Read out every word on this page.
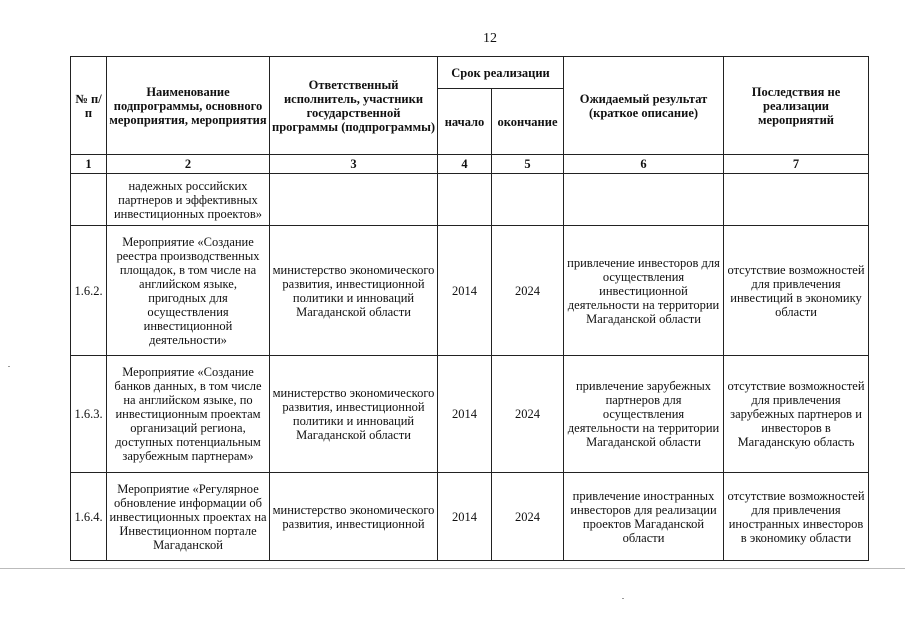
12
№ п/п	Наименование подпрограммы, основного мероприятия, мероприятия	Ответственный исполнитель, участники государственной программы (подпрограммы)	Срок реализации		Ожидаемый результат (краткое описание)	Последствия не реализации мероприятий
			начало	окончание		
1	2	3	4	5	6	7
	надежных российских партнеров и эффективных инвестиционных проектов»					
1.6.2.	Мероприятие «Создание реестра производственных площадок, в том числе на английском языке, пригодных для осуществления инвестиционной деятельности»	министерство экономического развития, инвестиционной политики и инноваций Магаданской области	2014	2024	привлечение инвесторов для осуществления инвестиционной деятельности на территории Магаданской области	отсутствие возможностей для привлечения инвестиций в экономику области
1.6.3.	Мероприятие «Создание банков данных, в том числе на английском языке, по инвестиционным проектам организаций региона, доступных потенциальным зарубежным партнерам»	министерство экономического развития, инвестиционной политики и инноваций Магаданской области	2014	2024	привлечение зарубежных партнеров для осуществления деятельности на территории Магаданской области	отсутствие возможностей для привлечения зарубежных партнеров и инвесторов в Магаданскую область
1.6.4.	Мероприятие «Регулярное обновление информации об инвестиционных проектах на Инвестиционном портале Магаданской	министерство экономического развития, инвестиционной	2014	2024	привлечение иностранных инвесторов для реализации проектов Магаданской области	отсутствие возможностей для привлечения иностранных инвесторов в экономику области
